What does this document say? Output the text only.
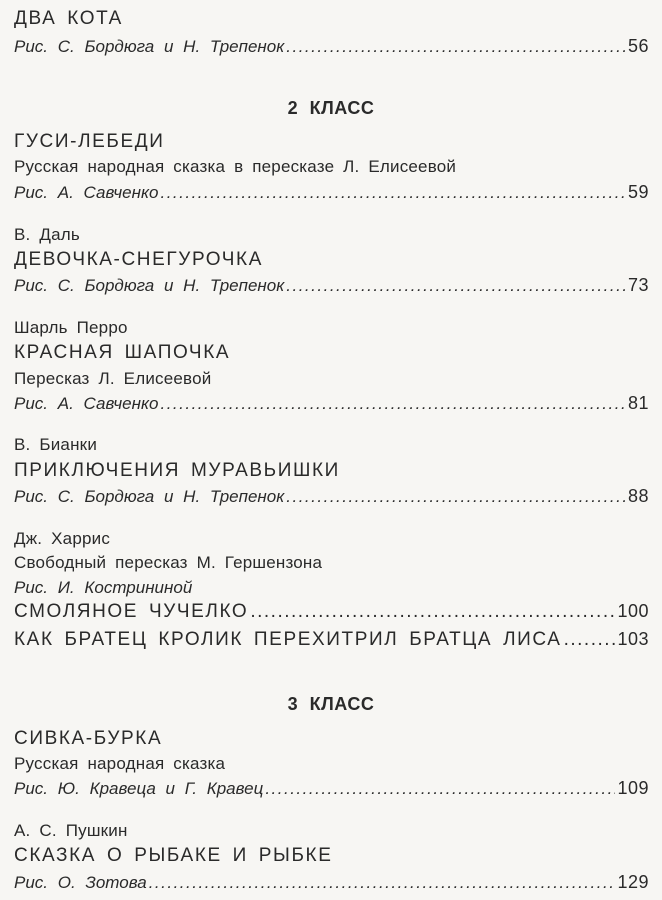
ДВА КОТА
Рис. С. Бордюга и Н. Трепенок .....	56
2 КЛАСС
ГУСИ-ЛЕБЕДИ
Русская народная сказка в пересказе Л. Елисеевой
Рис. А. Савченко .....	59
В. Даль
ДЕВОЧКА-СНЕГУРОЧКА
Рис. С. Бордюга и Н. Трепенок .....	73
Шарль Перро
КРАСНАЯ ШАПОЧКА
Пересказ Л. Елисеевой
Рис. А. Савченко .....	81
В. Бианки
ПРИКЛЮЧЕНИЯ МУРАВЬИШКИ
Рис. С. Бордюга и Н. Трепенок .....	88
Дж. Харрис
Свободный пересказ М. Гершензона
Рис. И. Кострининой
СМОЛЯНОЕ ЧУЧЕЛКО .....	100
КАК БРАТЕЦ КРОЛИК ПЕРЕХИТРИЛ БРАТЦА ЛИСА .....	103
3 КЛАСС
СИВКА-БУРКА
Русская народная сказка
Рис. Ю. Кравеца и Г. Кравец .....	109
А. С. Пушкин
СКАЗКА О РЫБАКЕ И РЫБКЕ
Рис. О. Зотова .....	129
